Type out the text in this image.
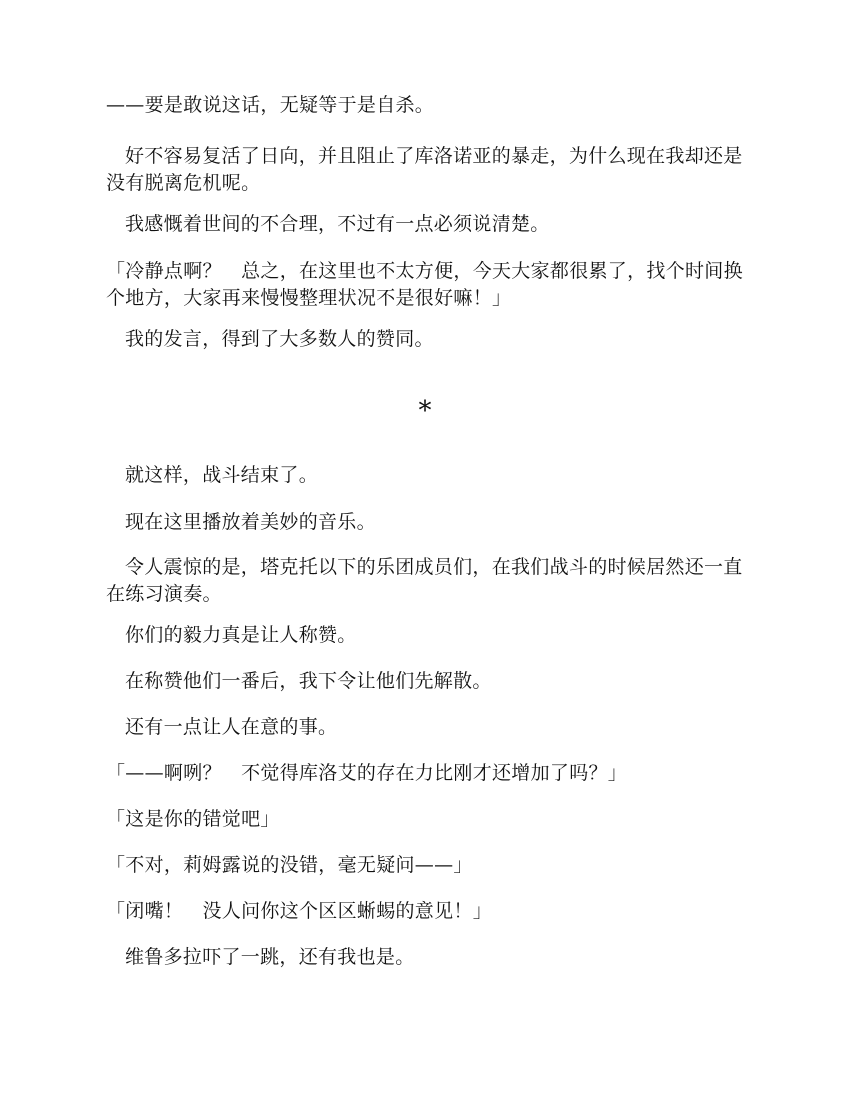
——要是敢说这话，无疑等于是自杀。

好不容易复活了日向，并且阻止了库洛诺亚的暴走，为什么现在我却还是没有脱离危机呢。

我感慨着世间的不合理，不过有一点必须说清楚。

「冷静点啊？　总之，在这里也不太方便，今天大家都很累了，找个时间换个地方，大家再来慢慢整理状况不是很好嘛！」

我的发言，得到了大多数人的赞同。

*

就这样，战斗结束了。

现在这里播放着美妙的音乐。

令人震惊的是，塔克托以下的乐团成员们，在我们战斗的时候居然还一直在练习演奏。

你们的毅力真是让人称赞。

在称赞他们一番后，我下令让他们先解散。

还有一点让人在意的事。

「——啊咧？　不觉得库洛艾的存在力比刚才还增加了吗？」

「这是你的错觉吧」

「不对，莉姆露说的没错，毫无疑问——」

「闭嘴！　没人问你这个区区蜥蜴的意见！」

维鲁多拉吓了一跳，还有我也是。
